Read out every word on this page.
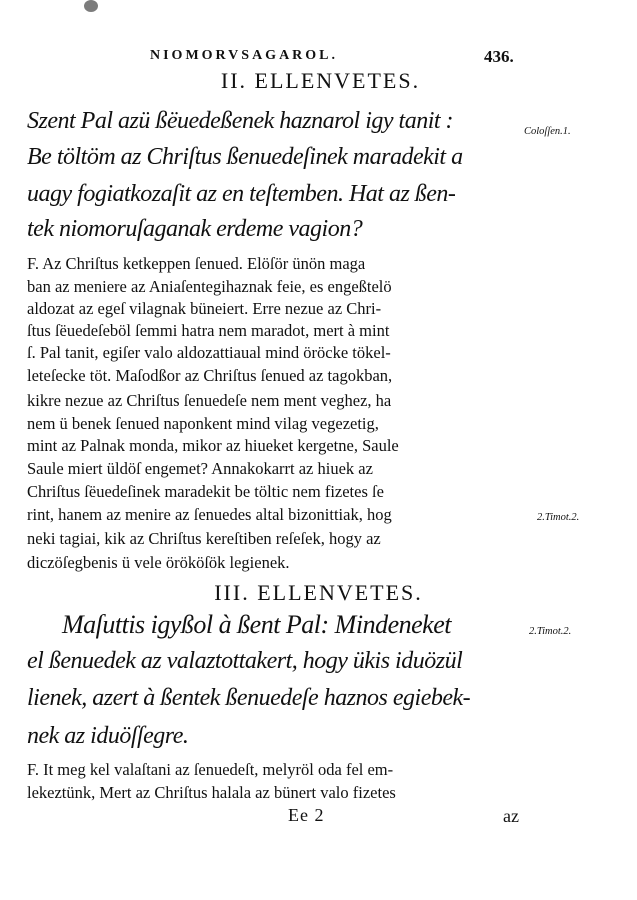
NIOMORVSAGAROL.	436.
II. ELLENVETES.
Szent Pal azü ßëuedeßenek haznarol igy tanit :	Coloſſen.1.
Be töltöm az Chriſtus ßenuedeſinek maradekit a
uagy fogiatkozaſit az en teſtemben. Hat az ßen-
tek niomoruſaganak erdeme vagion?
F. Az Chriſtus ketkeppen ſenued. Elöſör ünön maga
ban az meniere az Aniaſentegihaznak feie, es engeßtelö
aldozat az egeſ vilagnak büneiert. Erre nezue az Chri-
ſtus ſëuedeſeböl ſemmi hatra nem maradot, mert à mint
ſ. Pal tanit, egiſer valo aldozattiaual mind öröcke tökel-
leteſecke töt. Maſodßor az Chriſtus ſenued az tagokban,
kikre nezue az Chriſtus ſenuedeſe nem ment veghez, ha
nem ü benek ſenued naponkent mind vilag vegezetig,
mint az Palnak monda, mikor az hiueket kergetne, Saule
Saule miert üldöſ engemet? Annakokarrt az hiuek az
Chriſtus ſëuedeſinek maradekit be töltic nem fizetes ſe
rint, hanem az menire az ſenuedes altal bizonittiak, hog	2.Timot.2.
neki tagiai, kik az Chriſtus kereſtiben reſeſek, hogy az
diczöſegbenis ü vele örököſök legienek.
III. ELLENVETES.
Maſuttis igyßol à ßent Pal: Mindeneket	2.Timot.2.
el ßenuedek az valaztottakert, hogy ükis iduözül
lienek, azert à ßentek ßenuedeſe haznos egiebek-
nek az iduöſſegre.
F. It meg kel valaſtani az ſenuedeſt, melyröl oda fel em-
lekeztünk, Mert az Chriſtus halala az bünert valo fizetes
Ee 2	az
